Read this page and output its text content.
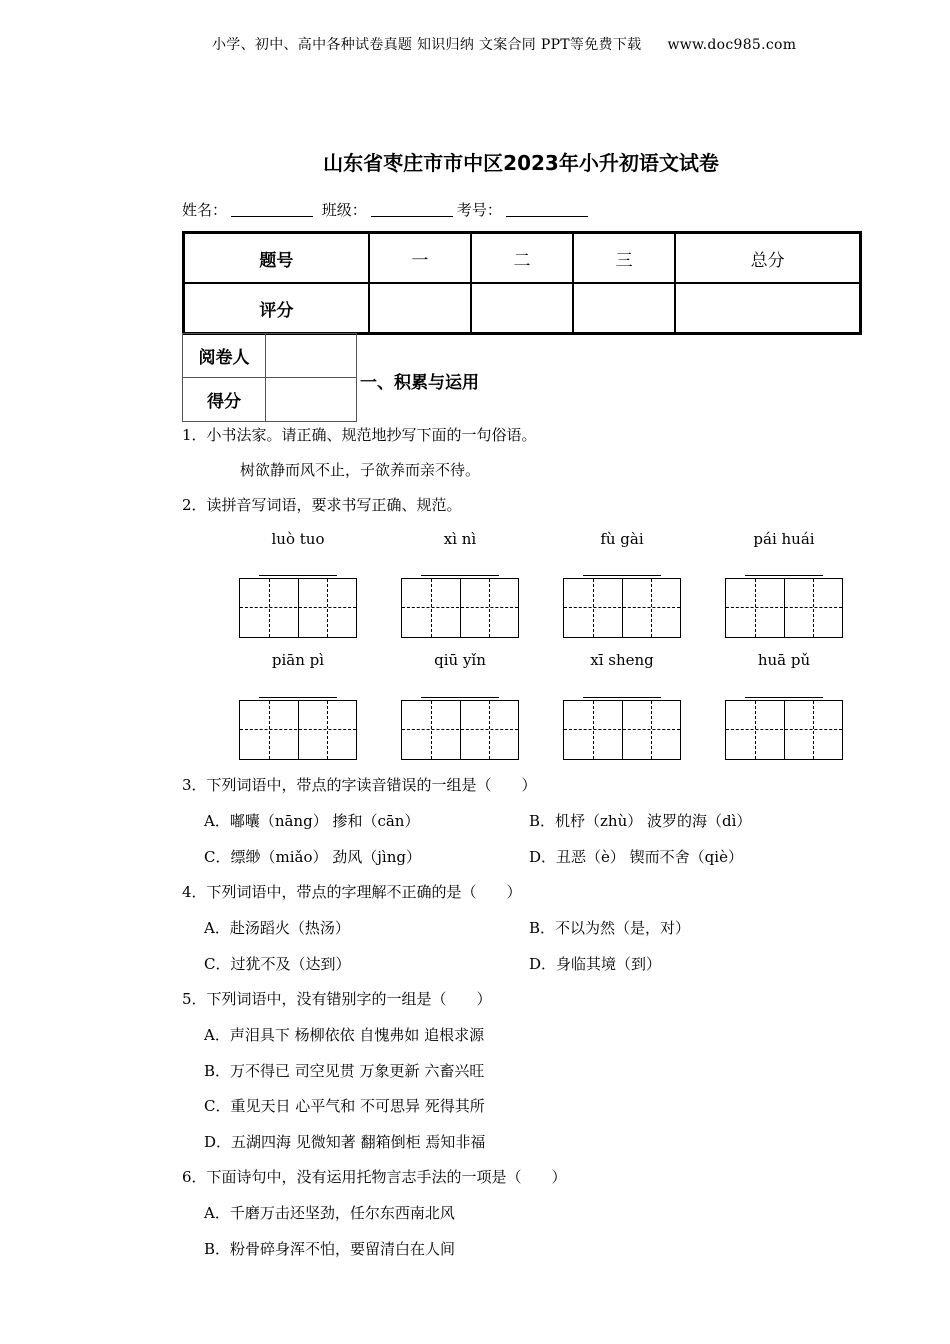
小学、初中、高中各种试卷真题 知识归纳 文案合同 PPT等免费下载 www.doc985.com
山东省枣庄市市中区2023年小升初语文试卷
姓名：	班级：	考号：
题号	一	二	三	总分
评分				
阅卷人	
得分	
一、积累与运用
1．小书法家。请正确、规范地抄写下面的一句俗语。
树欲静而风不止，子欲养而亲不待。
2．读拼音写词语，要求书写正确、规范。
luò tuo	xì nì	fù gài	pái huái
piān pì	qiū yǐn	xī sheng	huā pǔ
3．下列词语中，带点的字读音错误的一组是（　　）
A．嘟囔（nāng） 掺和（cān）	B．机杼（zhù） 波罗的海（dì）
C．缥缈（miǎo） 劲风（jìng）	D．丑恶（è） 锲而不舍（qiè）
4．下列词语中，带点的字理解不正确的是（　　）
A．赴汤蹈火（热汤）	B．不以为然（是，对）
C．过犹不及（达到）	D．身临其境（到）
5．下列词语中，没有错别字的一组是（　　）
A．声泪具下 杨柳依依 自愧弗如 追根求源
B．万不得已 司空见贯 万象更新 六畜兴旺
C．重见天日 心平气和 不可思异 死得其所
D．五湖四海 见微知著 翻箱倒柜 焉知非福
6．下面诗句中，没有运用托物言志手法的一项是（　　）
A．千磨万击还坚劲，任尔东西南北风
B．粉骨碎身浑不怕，要留清白在人间
